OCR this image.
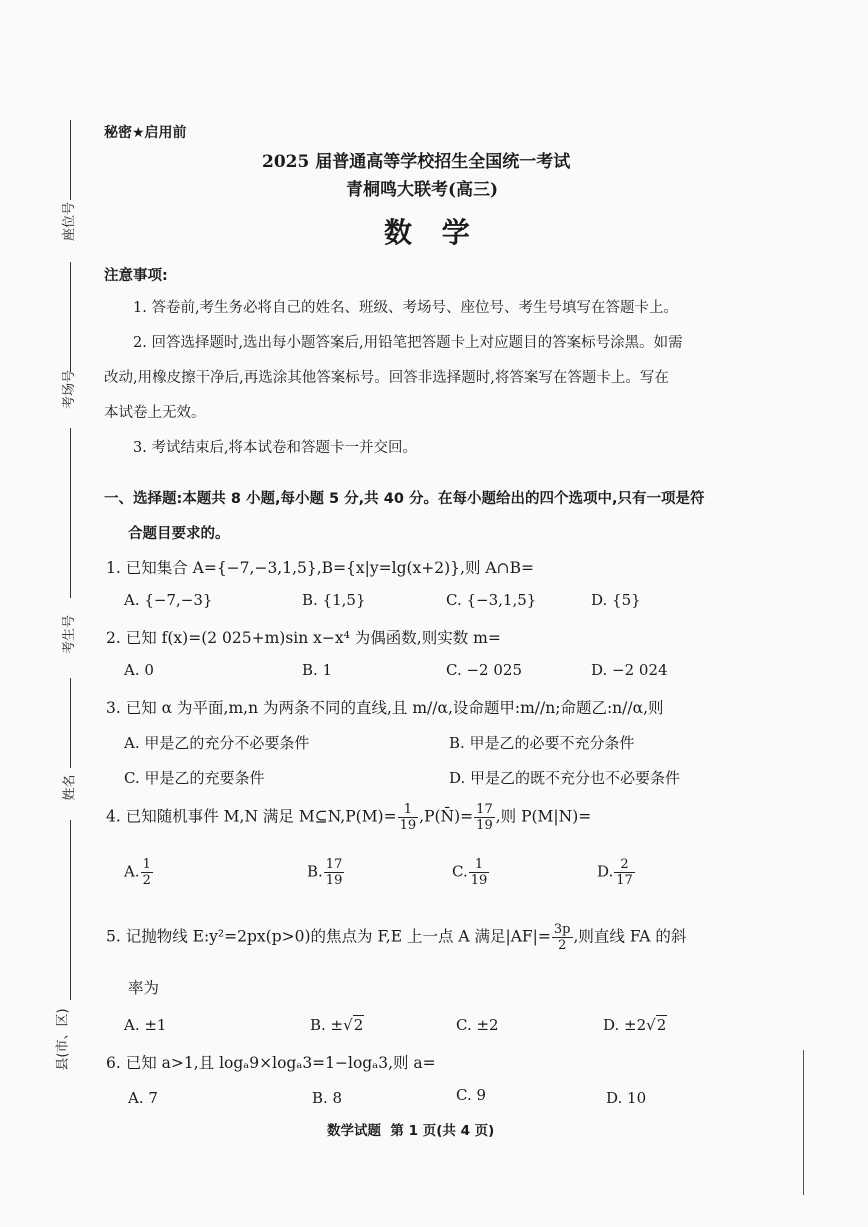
座位号
考场号
考生号
姓名
县(市、区)
秘密★启用前
2025 届普通高等学校招生全国统一考试
青桐鸣大联考(高三)
数 学
注意事项:
1. 答卷前,考生务必将自己的姓名、班级、考场号、座位号、考生号填写在答题卡上。
2. 回答选择题时,选出每小题答案后,用铅笔把答题卡上对应题目的答案标号涂黑。如需
改动,用橡皮擦干净后,再选涂其他答案标号。回答非选择题时,将答案写在答题卡上。写在
本试卷上无效。
3. 考试结束后,将本试卷和答题卡一并交回。
一、选择题:本题共 8 小题,每小题 5 分,共 40 分。在每小题给出的四个选项中,只有一项是符
合题目要求的。
1. 已知集合 A={−7,−3,1,5},B={x|y=lg(x+2)},则 A∩B=
A. {−7,−3}	B. {1,5}	C. {−3,1,5}	D. {5}
2. 已知 f(x)=(2 025+m)sin x−x⁴ 为偶函数,则实数 m=
A. 0	B. 1	C. −2 025	D. −2 024
3. 已知 α 为平面,m,n 为两条不同的直线,且 m//α,设命题甲:m//n;命题乙:n//α,则
A. 甲是乙的充分不必要条件	B. 甲是乙的必要不充分条件
C. 甲是乙的充要条件	D. 甲是乙的既不充分也不必要条件
4. 已知随机事件 M,N 满足 M⊆N,P(M)= $\frac{1}{19}$ ,P(N̄)= $\frac{17}{19}$ ,则 P(M|N)=
A. $\frac{1}{2}$	B. $\frac{17}{19}$	C. $\frac{1}{19}$	D. $\frac{2}{17}$
5. 记抛物线 E:y²=2px(p>0)的焦点为 F,E 上一点 A 满足$|AF|= \frac{3p}{2}$ ,则直线 FA 的斜
率为
A. ±1	B. ±√2	C. ±2	D. ±2√2
6. 已知 a>1,且 logₐ9×logₐ3=1−logₐ3,则 a=
A. 7	B. 8	C. 9	D. 10
数学试题  第 1 页(共 4 页)
